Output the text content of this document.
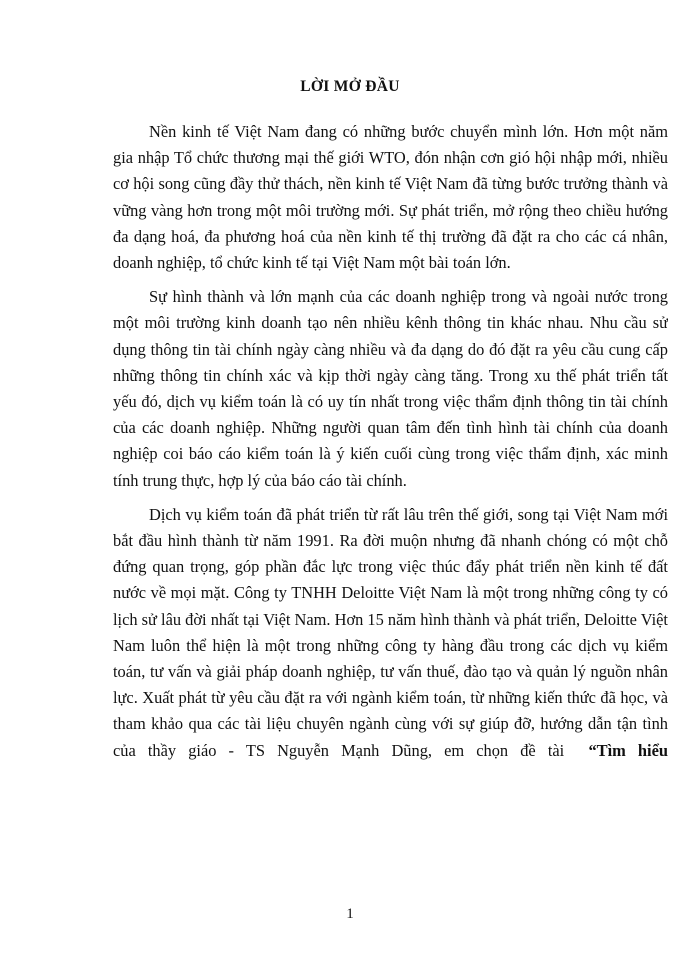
LỜI MỞ ĐẦU

Nền kinh tế Việt Nam đang có những bước chuyển mình lớn. Hơn một năm gia nhập Tổ chức thương mại thế giới WTO, đón nhận cơn gió hội nhập mới, nhiều cơ hội song cũng đầy thử thách, nền kinh tế Việt Nam đã từng bước trưởng thành và vững vàng hơn trong một môi trường mới. Sự phát triển, mở rộng theo chiều hướng đa dạng hoá, đa phương hoá của nền kinh tế thị trường đã đặt ra cho các cá nhân, doanh nghiệp, tổ chức kinh tế tại Việt Nam một bài toán lớn.

Sự hình thành và lớn mạnh của các doanh nghiệp trong và ngoài nước trong một môi trường kinh doanh tạo nên nhiều kênh thông tin khác nhau. Nhu cầu sử dụng thông tin tài chính ngày càng nhiều và đa dạng do đó đặt ra yêu cầu cung cấp những thông tin chính xác và kịp thời ngày càng tăng. Trong xu thế phát triển tất yếu đó, dịch vụ kiểm toán là có uy tín nhất trong việc thẩm định thông tin tài chính của các doanh nghiệp. Những người quan tâm đến tình hình tài chính của doanh nghiệp coi báo cáo kiểm toán là ý kiến cuối cùng trong việc thẩm định, xác minh tính trung thực, hợp lý của báo cáo tài chính.

Dịch vụ kiểm toán đã phát triển từ rất lâu trên thế giới, song tại Việt Nam mới bắt đầu hình thành từ năm 1991. Ra đời muộn nhưng đã nhanh chóng có một chỗ đứng quan trọng, góp phần đắc lực trong việc thúc đẩy phát triển nền kinh tế đất nước về mọi mặt. Công ty TNHH Deloitte Việt Nam là một trong những công ty có lịch sử lâu đời nhất tại Việt Nam. Hơn 15 năm hình thành và phát triển, Deloitte Việt Nam luôn thể hiện là một trong những công ty hàng đầu trong các dịch vụ kiểm toán, tư vấn và giải pháp doanh nghiệp, tư vấn thuế, đào tạo và quản lý nguồn nhân lực. Xuất phát từ yêu cầu đặt ra với ngành kiểm toán, từ những kiến thức đã học, và tham khảo qua các tài liệu chuyên ngành cùng với sự giúp đỡ, hướng dẫn tận tình của thầy giáo - TS Nguyễn Mạnh Dũng, em chọn đề tài “Tìm hiểu

1
